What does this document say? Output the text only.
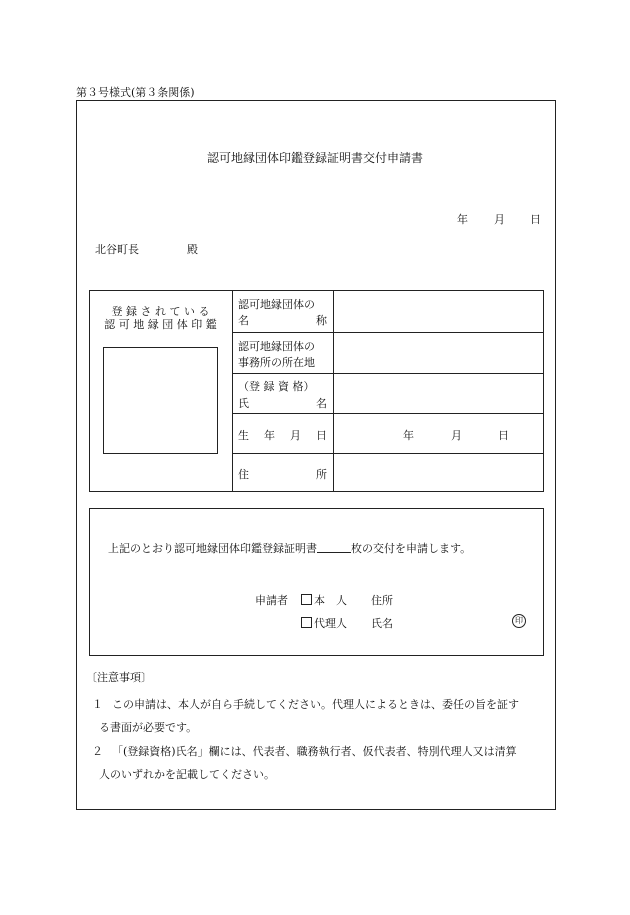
第３号様式(第３条関係)
認可地縁団体印鑑登録証明書交付申請書
年 月 日
北谷町長	殿
登 録 さ れ て い る
認 可 地 縁 団 体 印 鑑
認可地縁団体の
名	称
認可地縁団体の
事務所の所在地
（登 録 資 格）
氏	名
生 年 月 日	年	月	日
住	所
上記のとおり認可地縁団体印鑑登録証明書	枚の交付を申請します。
申請者	本　人 住所
代理人 氏名	印
〔注意事項〕
１ この申請は、本人が自ら手続してください。代理人によるときは、委任の旨を証す
る書面が必要です。
２ 「(登録資格)氏名」欄には、代表者、職務執行者、仮代表者、特別代理人又は清算
人のいずれかを記載してください。
